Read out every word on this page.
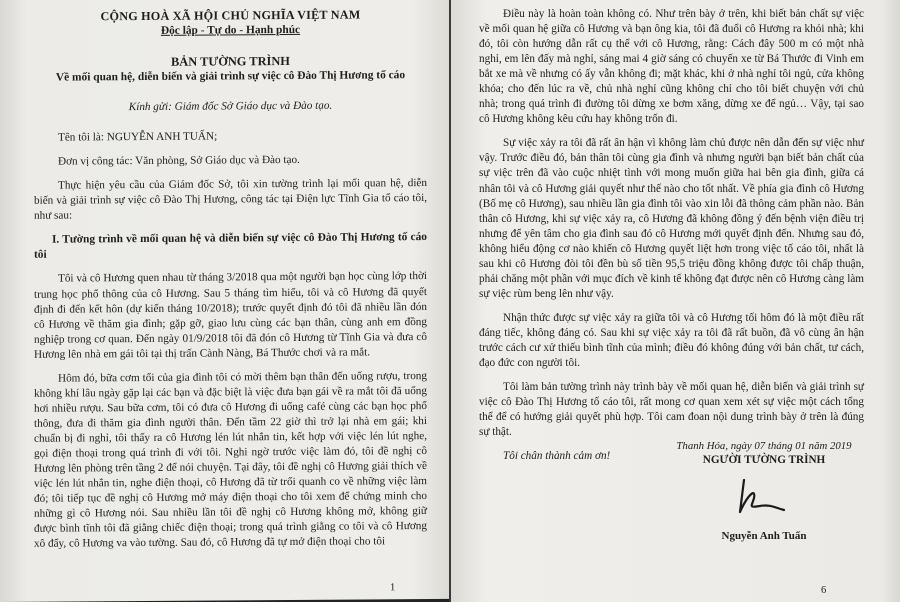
CỘNG HOÀ XÃ HỘI CHỦ NGHĨA VIỆT NAM

Độc lập - Tự do - Hạnh phúc

BẢN TƯỜNG TRÌNH

Về mối quan hệ, diễn biến và giải trình sự việc cô Đào Thị Hương tố cáo

Kính gửi: Giám đốc Sở Giáo dục và Đào tạo.

Tên tôi là: NGUYỄN ANH TUẤN;

Đơn vị công tác: Văn phòng, Sở Giáo dục và Đào tạo.

Thực hiện yêu cầu của Giám đốc Sở, tôi xin tường trình lại mối quan hệ, diễn biến và giải trình sự việc cô Đào Thị Hương, công tác tại Điện lực Tĩnh Gia tố cáo tôi, như sau:

I. Tường trình về mối quan hệ và diễn biến sự việc cô Đào Thị Hương tố cáo tôi

Tôi và cô Hương quen nhau từ tháng 3/2018 qua một người bạn học cùng lớp thời trung học phổ thông của cô Hương. Sau 5 tháng tìm hiểu, tôi và cô Hương đã quyết định đi đến kết hôn (dự kiến tháng 10/2018); trước quyết định đó tôi đã nhiều lần đón cô Hương về thăm gia đình; gặp gỡ, giao lưu cùng các bạn thân, cùng anh em đồng nghiệp trong cơ quan. Đến ngày 01/9/2018 tôi đã đón cô Hương từ Tĩnh Gia và đưa cô Hương lên nhà em gái tôi tại thị trấn Cành Nàng, Bá Thước chơi và ra mắt.

Hôm đó, bữa cơm tối của gia đình tôi có mời thêm bạn thân đến uống rượu, trong không khí lâu ngày gặp lại các bạn và đặc biệt là việc đưa bạn gái về ra mắt tôi đã uống hơi nhiều rượu. Sau bữa cơm, tôi có đưa cô Hương đi uống café cùng các bạn học phổ thông, đưa đi thăm gia đình người thân. Đến tầm 22 giờ thì trở lại nhà em gái; khi chuẩn bị đi nghỉ, tôi thấy ra cô Hương lén lút nhắn tin, kết hợp với việc lén lút nghe, gọi điện thoại trong quá trình đi với tôi. Nghi ngờ trước việc làm đó, tôi đề nghị cô Hương lên phòng trên tầng 2 để nói chuyện. Tại đây, tôi đề nghị cô Hương giải thích về việc lén lút nhắn tin, nghe điện thoại, cô Hương đã từ trối quanh co về những việc làm đó; tôi tiếp tục đề nghị cô Hương mở máy điện thoại cho tôi xem để chứng minh cho những gì cô Hương nói. Sau nhiều lần tôi đề nghị cô Hương không mở, không giữ được bình tĩnh tôi đã giằng chiếc điện thoại; trong quá trình giằng co tôi và cô Hương xô đẩy, cô Hương va vào tường. Sau đó, cô Hương đã tự mở điện thoại cho tôi

1

Điều này là hoàn toàn không có. Như trên bày ở trên, khi biết bản chất sự việc về mối quan hệ giữa cô Hương và bạn ông kia, tôi đã đuổi cô Hương ra khỏi nhà; khi đó, tôi còn hướng dẫn rất cụ thể với cô Hương, rằng: Cách đây 500 m có một nhà nghỉ, em lên đấy mà nghỉ, sáng mai 4 giờ sáng có chuyến xe từ Bá Thước đi Vinh em bắt xe mà về nhưng có ấy vẫn không đi; mặt khác, khi ở nhà nghỉ tôi ngủ, cửa không khóa; cho đến lúc ra về, chủ nhà nghỉ cũng không chỉ cho tôi biết chuyện với chủ nhà; trong quá trình đi đường tôi dừng xe bơm xăng, dừng xe để ngủ… Vậy, tại sao cô Hương không kêu cứu hay không trốn đi.

Sự việc xảy ra tôi đã rất ân hận vì không làm chủ được nên dẫn đến sự việc như vậy. Trước điều đó, bản thân tôi cùng gia đình và nhưng người bạn biết bản chất của sự việc trên đã vào cuộc nhiệt tình với mong muốn giữa hai bên gia đình, giữa cá nhân tôi và cô Hương giải quyết như thế nào cho tốt nhất. Về phía gia đình cô Hương (Bố mẹ cô Hương), sau nhiều lần gia đình tôi vào xin lỗi đã thông cảm phần nào. Bản thân cô Hương, khi sự việc xảy ra, cô Hương đã không đồng ý đến bệnh viện điều trị nhưng để yên tâm cho gia đình sau đó cô Hương mới quyết định đến. Nhưng sau đó, không hiểu động cơ nào khiến cô Hương quyết liệt hơn trong việc tố cáo tôi, nhất là sau khi cô Hương đòi tôi đền bù số tiền 95,5 triệu đồng không được tôi chấp thuận, phải chăng một phần với mục đích về kinh tế không đạt được nên cô Hương càng làm sự việc rùm beng lên như vậy.

Nhận thức được sự việc xảy ra giữa tôi và cô Hương tối hôm đó là một điều rất đáng tiếc, không đáng có. Sau khi sự việc xảy ra tôi đã rất buồn, đã vô cùng ân hận trước cách cư xử thiếu bình tĩnh của mình; điều đó không đúng với bản chất, tư cách, đạo đức con người tôi.

Tôi làm bản tường trình này trình bày về mối quan hệ, diễn biến và giải trình sự việc cô Đào Thị Hương tố cáo tôi, rất mong cơ quan xem xét sự việc một cách tổng thể để có hướng giải quyết phù hợp. Tôi cam đoan nội dung trình bày ở trên là đúng sự thật.

Tôi chân thành cảm ơn!

Thanh Hóa, ngày 07 tháng 01 năm 2019

NGƯỜI TƯỜNG TRÌNH

Nguyễn Anh Tuấn

6
